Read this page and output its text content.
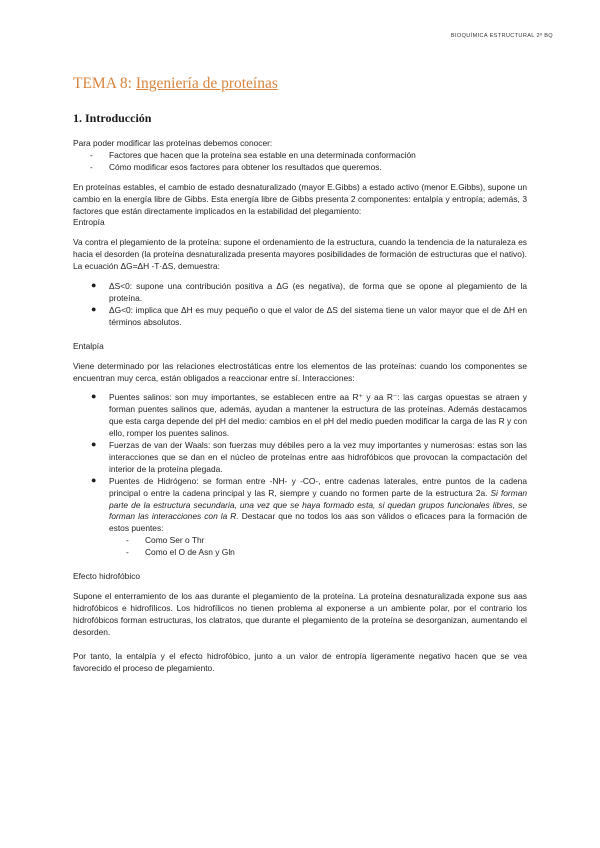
BIOQUÍMICA ESTRUCTURAL 2º BQ
TEMA 8: Ingeniería de proteínas
1. Introducción

Para poder modificar las proteínas debemos conocer:

- Factores que hacen que la proteína sea estable en una determinada conformación
- Cómo modificar esos factores para obtener los resultados que queremos.

En proteínas estables, el cambio de estado desnaturalizado (mayor E.Gibbs) a estado activo (menor E.Gibbs), supone un cambio en la energía libre de Gibbs. Esta energía libre de Gibbs presenta 2 componentes: entalpía y entropía; además, 3 factores que están directamente implicados en la estabilidad del plegamiento:

Entropía

Va contra el plegamiento de la proteína: supone el ordenamiento de la estructura, cuando la tendencia de la naturaleza es hacia el desorden (la proteína desnaturalizada presenta mayores posibilidades de formación de estructuras que el nativo). La ecuación ΔG=ΔH -T·ΔS, demuestra:

● ΔS<0: supone una contribución positiva a ΔG (es negativa), de forma que se opone al plegamiento de la proteína.
● ΔG<0: implica que ΔH es muy pequeño o que el valor de ΔS del sistema tiene un valor mayor que el de ΔH en términos absolutos.

Entalpía

Viene determinado por las relaciones electrostáticas entre los elementos de las proteínas: cuando los componentes se encuentran muy cerca, están obligados a reaccionar entre sí. Interacciones:

● Puentes salinos: son muy importantes, se establecen entre aa R⁺ y aa R⁻: las cargas opuestas se atraen y forman puentes salinos que, además, ayudan a mantener la estructura de las proteínas. Además destacamos que esta carga depende del pH del medio: cambios en el pH del medio pueden modificar la carga de las R y con ello, romper los puentes salinos.
● Fuerzas de van der Waals: son fuerzas muy débiles pero a la vez muy importantes y numerosas: estas son las interacciones que se dan en el núcleo de proteínas entre aas hidrofóbicos que provocan la compactación del interior de la proteína plegada.
● Puentes de Hidrógeno: se forman entre -NH- y -CO-, entre cadenas laterales, entre puntos de la cadena principal o entre la cadena principal y las R, siempre y cuando no formen parte de la estructura 2a. Si forman parte de la estructura secundaria, una vez que se haya formado esta, si quedan grupos funcionales libres, se forman las interacciones con la R. Destacar que no todos los aas son válidos o eficaces para la formación de estos puentes:
- Como Ser o Thr
- Como el O de Asn y Gln

Efecto hidrofóbico

Supone el enterramiento de los aas durante el plegamiento de la proteína. La proteína desnaturalizada expone sus aas hidrofóbicos e hidrofílicos. Los hidrofílicos no tienen problema al exponerse a un ambiente polar, por el contrario los hidrofóbicos forman estructuras, los clatratos, que durante el plegamiento de la proteína se desorganizan, aumentando el desorden.

Por tanto, la entalpía y el efecto hidrofóbico, junto a un valor de entropía ligeramente negativo hacen que se vea favorecido el proceso de plegamiento.
